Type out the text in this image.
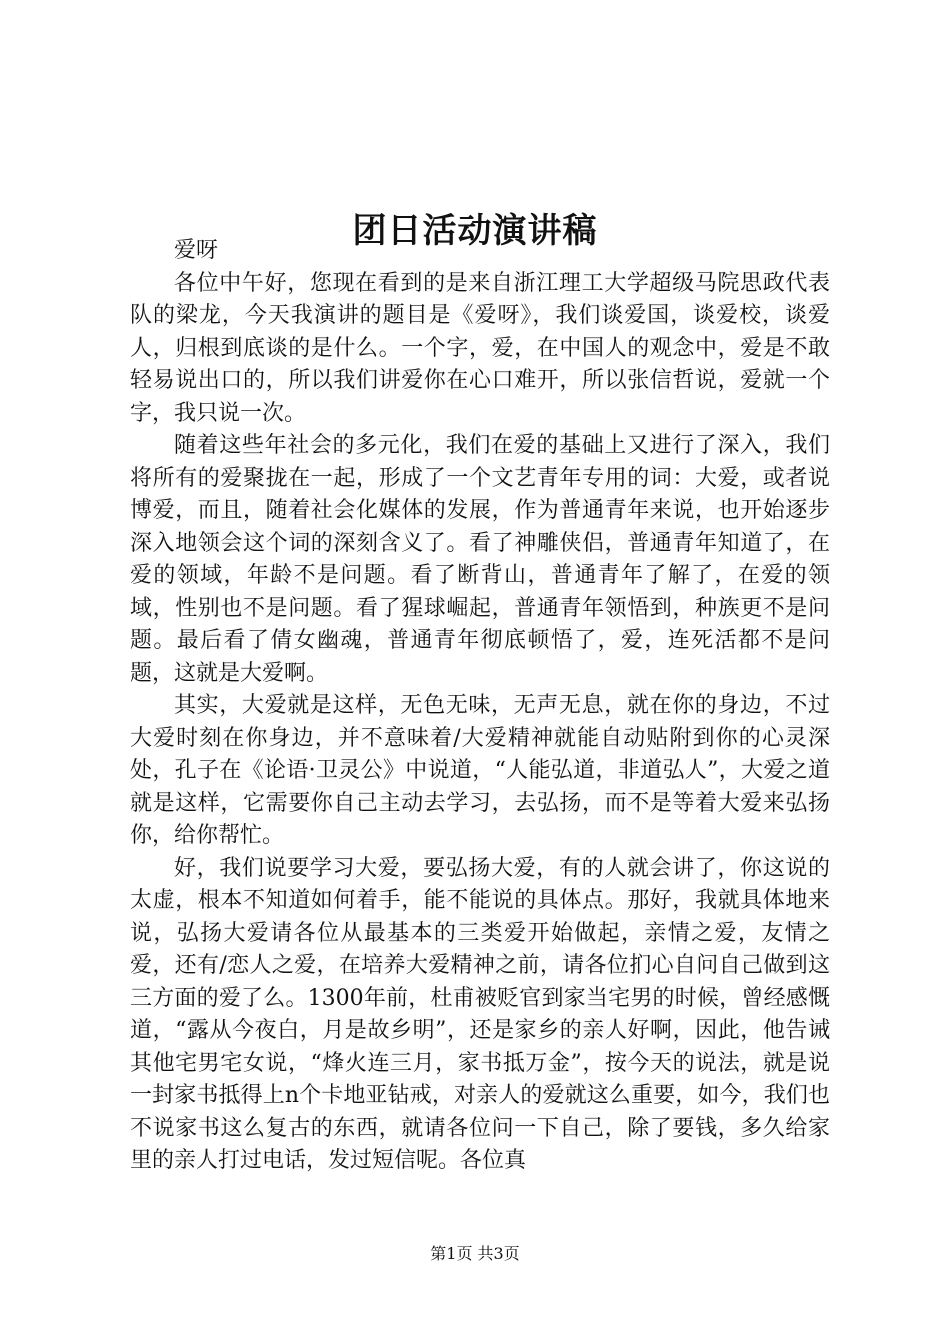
团日活动演讲稿

爱呀

各位中午好，您现在看到的是来自浙江理工大学超级马院思政代表队的梁龙，今天我演讲的题目是《爱呀》，我们谈爱国，谈爱校，谈爱人，归根到底谈的是什么。一个字，爱，在中国人的观念中，爱是不敢轻易说出口的，所以我们讲爱你在心口难开，所以张信哲说，爱就一个字，我只说一次。

随着这些年社会的多元化，我们在爱的基础上又进行了深入，我们将所有的爱聚拢在一起，形成了一个文艺青年专用的词：大爱，或者说博爱，而且，随着社会化媒体的发展，作为普通青年来说，也开始逐步深入地领会这个词的深刻含义了。看了神雕侠侣，普通青年知道了，在爱的领域，年龄不是问题。看了断背山，普通青年了解了，在爱的领域，性别也不是问题。看了猩球崛起，普通青年领悟到，种族更不是问题。最后看了倩女幽魂，普通青年彻底顿悟了，爱，连死活都不是问题，这就是大爱啊。

其实，大爱就是这样，无色无味，无声无息，就在你的身边，不过大爱时刻在你身边，并不意味着/大爱精神就能自动贴附到你的心灵深处，孔子在《论语·卫灵公》中说道，“人能弘道，非道弘人”，大爱之道就是这样，它需要你自己主动去学习，去弘扬，而不是等着大爱来弘扬你，给你帮忙。

好，我们说要学习大爱，要弘扬大爱，有的人就会讲了，你这说的太虚，根本不知道如何着手，能不能说的具体点。那好，我就具体地来说，弘扬大爱请各位从最基本的三类爱开始做起，亲情之爱，友情之爱，还有/恋人之爱，在培养大爱精神之前，请各位扪心自问自己做到这三方面的爱了么。1300年前，杜甫被贬官到家当宅男的时候，曾经感慨道，“露从今夜白，月是故乡明”，还是家乡的亲人好啊，因此，他告诫其他宅男宅女说，“烽火连三月，家书抵万金”，按今天的说法，就是说一封家书抵得上n个卡地亚钻戒，对亲人的爱就这么重要，如今，我们也不说家书这么复古的东西，就请各位问一下自己，除了要钱，多久给家里的亲人打过电话，发过短信呢。各位真

第1页 共3页
